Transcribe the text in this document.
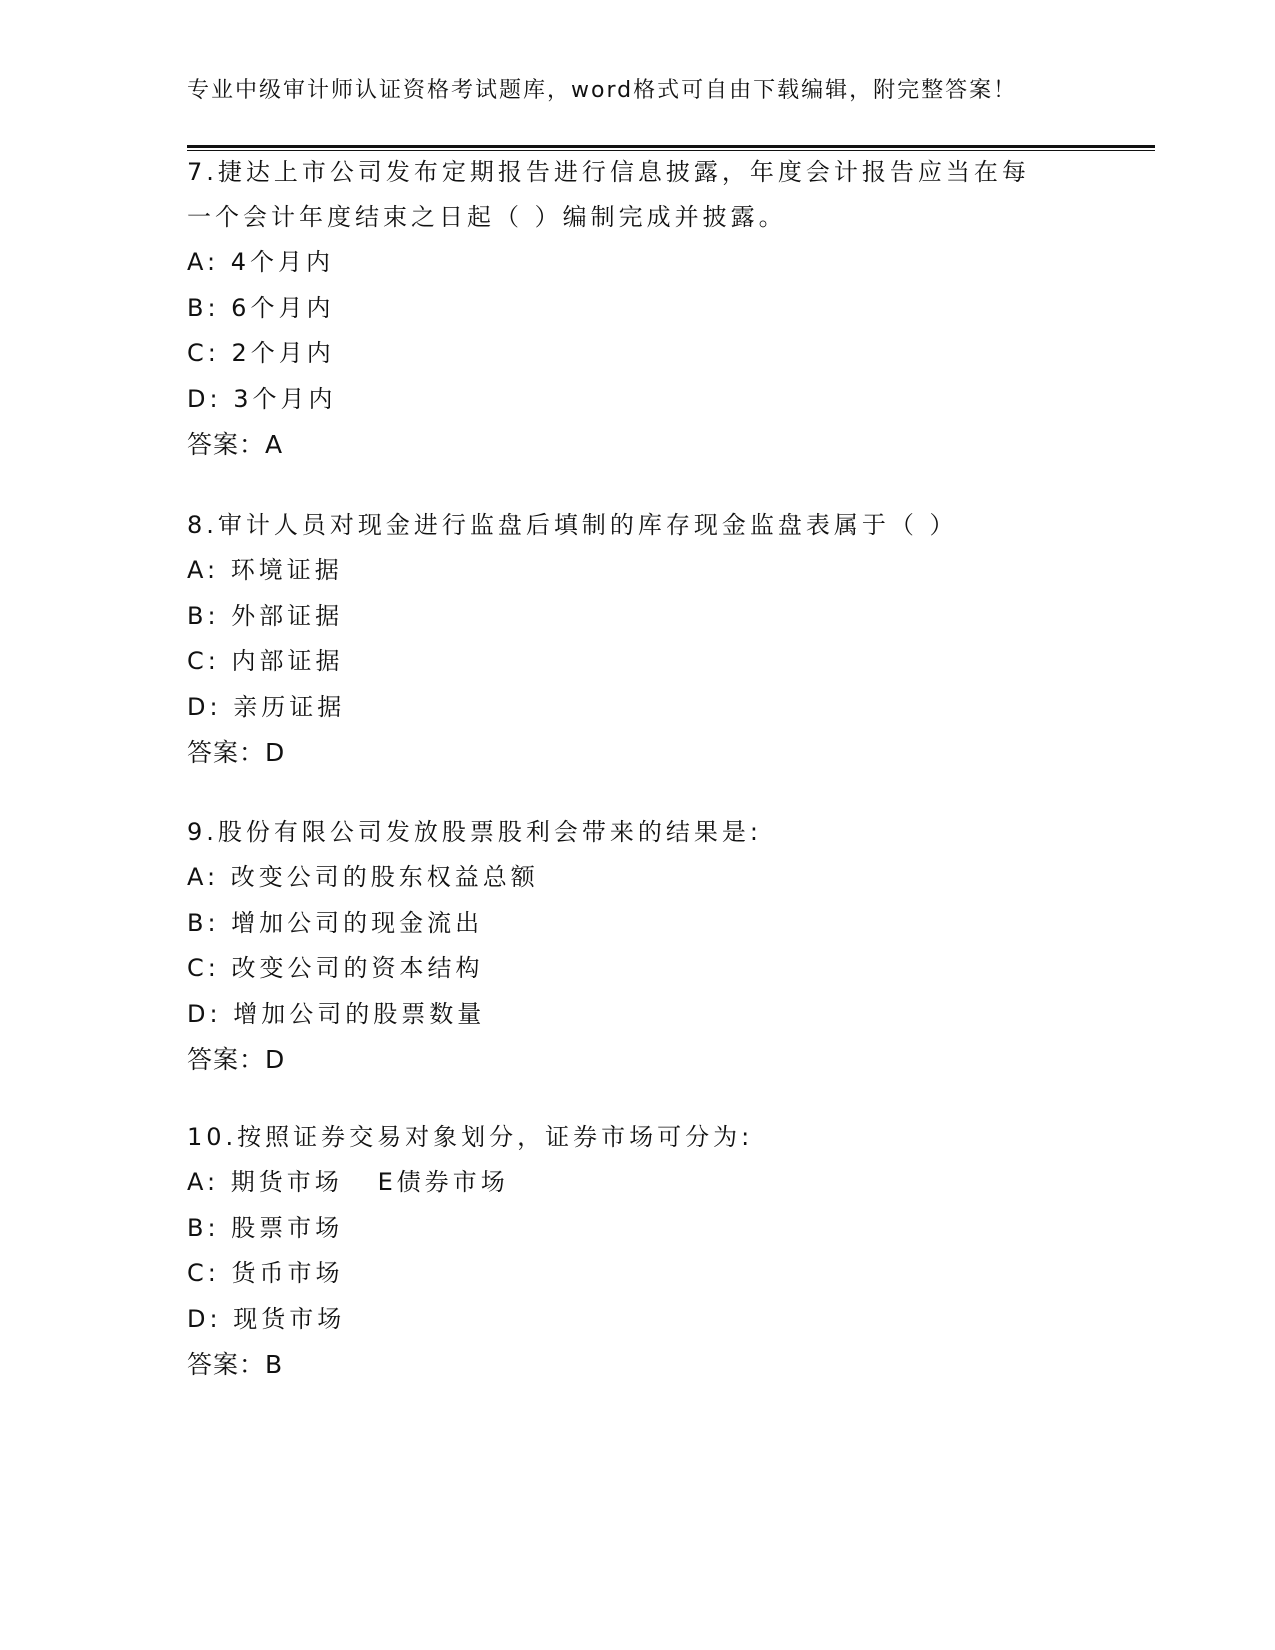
专业中级审计师认证资格考试题库，word格式可自由下载编辑，附完整答案！

7.捷达上市公司发布定期报告进行信息披露，年度会计报告应当在每

一个会计年度结束之日起（ ）编制完成并披露。

A: 4个月内

B: 6个月内

C: 2个月内

D: 3个月内

答案：A

8.审计人员对现金进行监盘后填制的库存现金监盘表属于（ ）

A: 环境证据

B: 外部证据

C: 内部证据

D: 亲历证据

答案：D

9.股份有限公司发放股票股利会带来的结果是:

A: 改变公司的股东权益总额

B: 增加公司的现金流出

C: 改变公司的资本结构

D: 增加公司的股票数量

答案：D

10.按照证券交易对象划分，证券市场可分为:

A: 期货市场   E债券市场

B: 股票市场

C: 货币市场

D: 现货市场

答案：B
